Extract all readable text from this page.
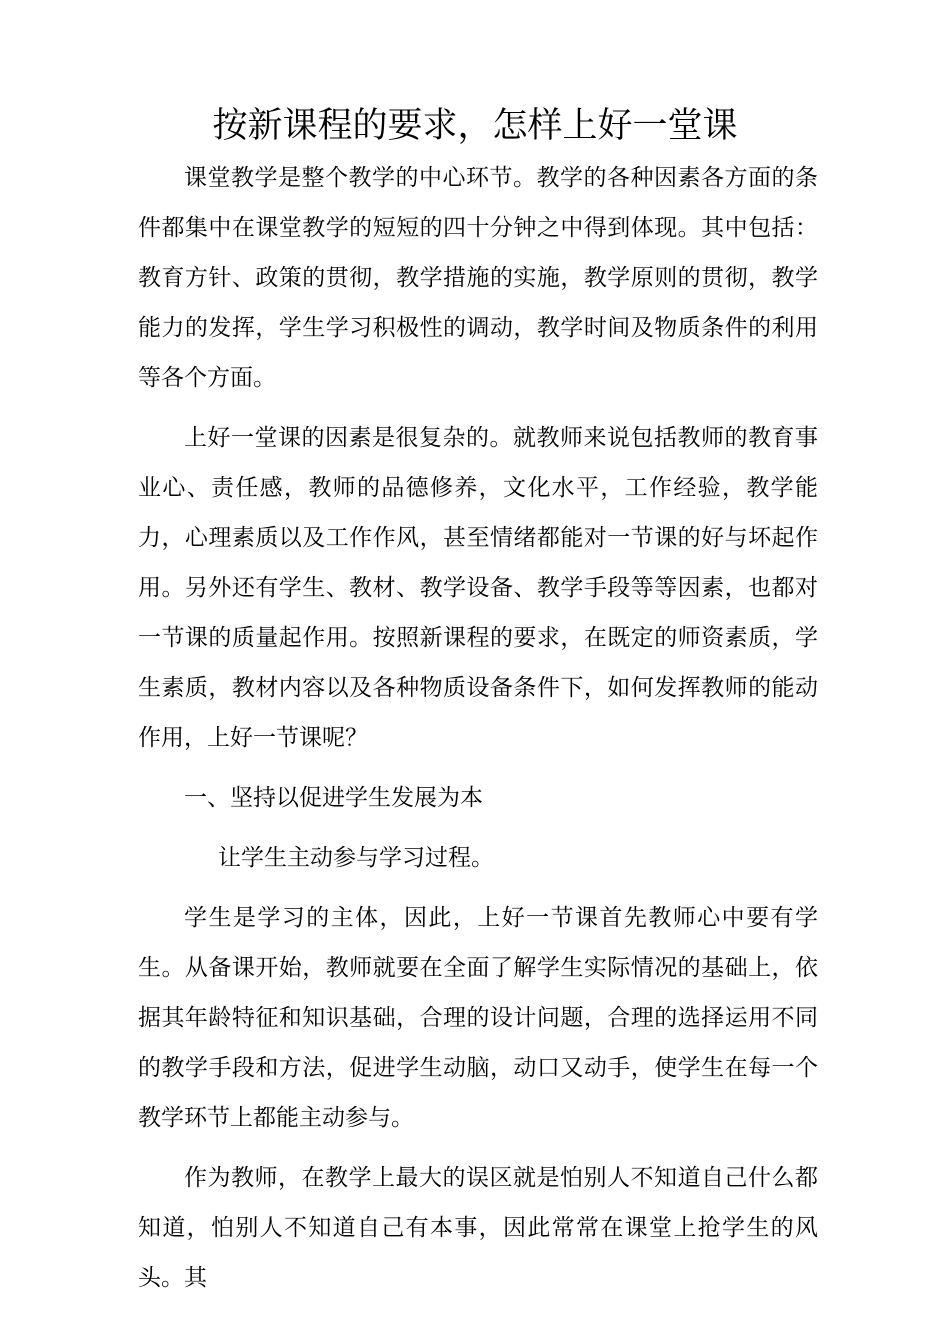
按新课程的要求，怎样上好一堂课

课堂教学是整个教学的中心环节。教学的各种因素各方面的条件都集中在课堂教学的短短的四十分钟之中得到体现。其中包括：教育方针、政策的贯彻，教学措施的实施，教学原则的贯彻，教学能力的发挥，学生学习积极性的调动，教学时间及物质条件的利用等各个方面。

上好一堂课的因素是很复杂的。就教师来说包括教师的教育事业心、责任感，教师的品德修养，文化水平，工作经验，教学能力，心理素质以及工作作风，甚至情绪都能对一节课的好与坏起作用。另外还有学生、教材、教学设备、教学手段等等因素，也都对一节课的质量起作用。按照新课程的要求，在既定的师资素质，学生素质，教材内容以及各种物质设备条件下，如何发挥教师的能动作用，上好一节课呢？

一、坚持以促进学生发展为本

让学生主动参与学习过程。

学生是学习的主体，因此，上好一节课首先教师心中要有学生。从备课开始，教师就要在全面了解学生实际情况的基础上，依据其年龄特征和知识基础，合理的设计问题，合理的选择运用不同的教学手段和方法，促进学生动脑，动口又动手，使学生在每一个教学环节上都能主动参与。

作为教师，在教学上最大的误区就是怕别人不知道自己什么都知道，怕别人不知道自己有本事，因此常常在课堂上抢学生的风头。其
